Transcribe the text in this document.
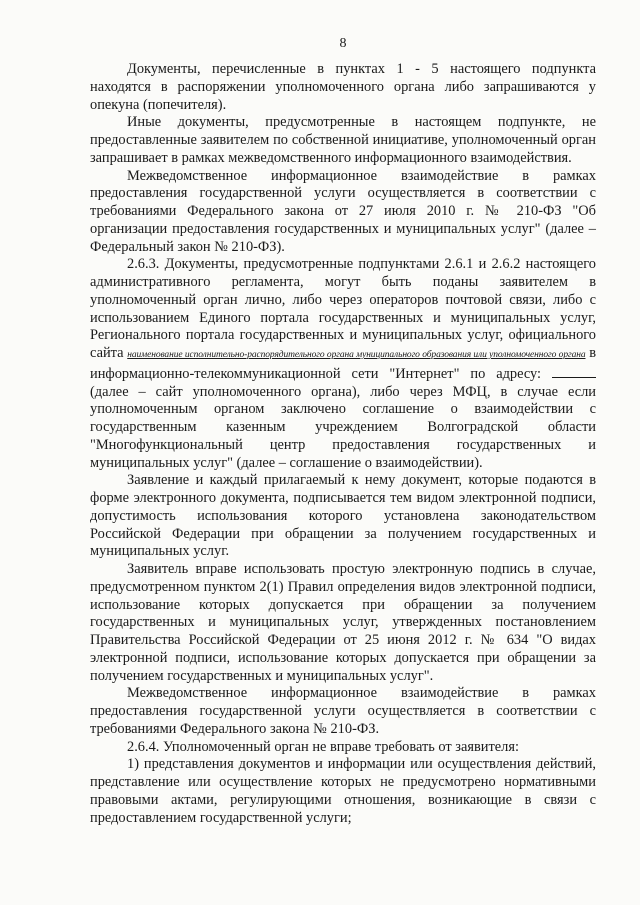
8

Документы, перечисленные в пунктах 1 - 5 настоящего подпункта находятся в распоряжении уполномоченного органа либо запрашиваются у опекуна (попечителя).

Иные документы, предусмотренные в настоящем подпункте, не предоставленные заявителем по собственной инициативе, уполномоченный орган запрашивает в рамках межведомственного информационного взаимодействия.

Межведомственное информационное взаимодействие в рамках предоставления государственной услуги осуществляется в соответствии с требованиями Федерального закона от 27 июля 2010 г. № 210-ФЗ "Об организации предоставления государственных и муниципальных услуг" (далее – Федеральный закон № 210-ФЗ).

2.6.3. Документы, предусмотренные подпунктами 2.6.1 и 2.6.2 настоящего административного регламента, могут быть поданы заявителем в уполномоченный орган лично, либо через операторов почтовой связи, либо с использованием Единого портала государственных и муниципальных услуг, Регионального портала государственных и муниципальных услуг, официального сайта наименование исполнительно-распорядительного органа муниципального образования или уполномоченного органа в информационно-телекоммуникационной сети "Интернет" по адресу:  (далее – сайт уполномоченного органа), либо через МФЦ, в случае если уполномоченным органом заключено соглашение о взаимодействии с государственным казенным учреждением Волгоградской области "Многофункциональный центр предоставления государственных и муниципальных услуг" (далее – соглашение о взаимодействии).

Заявление и каждый прилагаемый к нему документ, которые подаются в форме электронного документа, подписывается тем видом электронной подписи, допустимость использования которого установлена законодательством Российской Федерации при обращении за получением государственных и муниципальных услуг.

Заявитель вправе использовать простую электронную подпись в случае, предусмотренном пунктом 2(1) Правил определения видов электронной подписи, использование которых допускается при обращении за получением государственных и муниципальных услуг, утвержденных постановлением Правительства Российской Федерации от 25 июня 2012 г. № 634 "О видах электронной подписи, использование которых допускается при обращении за получением государственных и муниципальных услуг".

Межведомственное информационное взаимодействие в рамках предоставления государственной услуги осуществляется в соответствии с требованиями Федерального закона № 210-ФЗ.

2.6.4. Уполномоченный орган не вправе требовать от заявителя:

1) представления документов и информации или осуществления действий, представление или осуществление которых не предусмотрено нормативными правовыми актами, регулирующими отношения, возникающие в связи с предоставлением государственной услуги;
